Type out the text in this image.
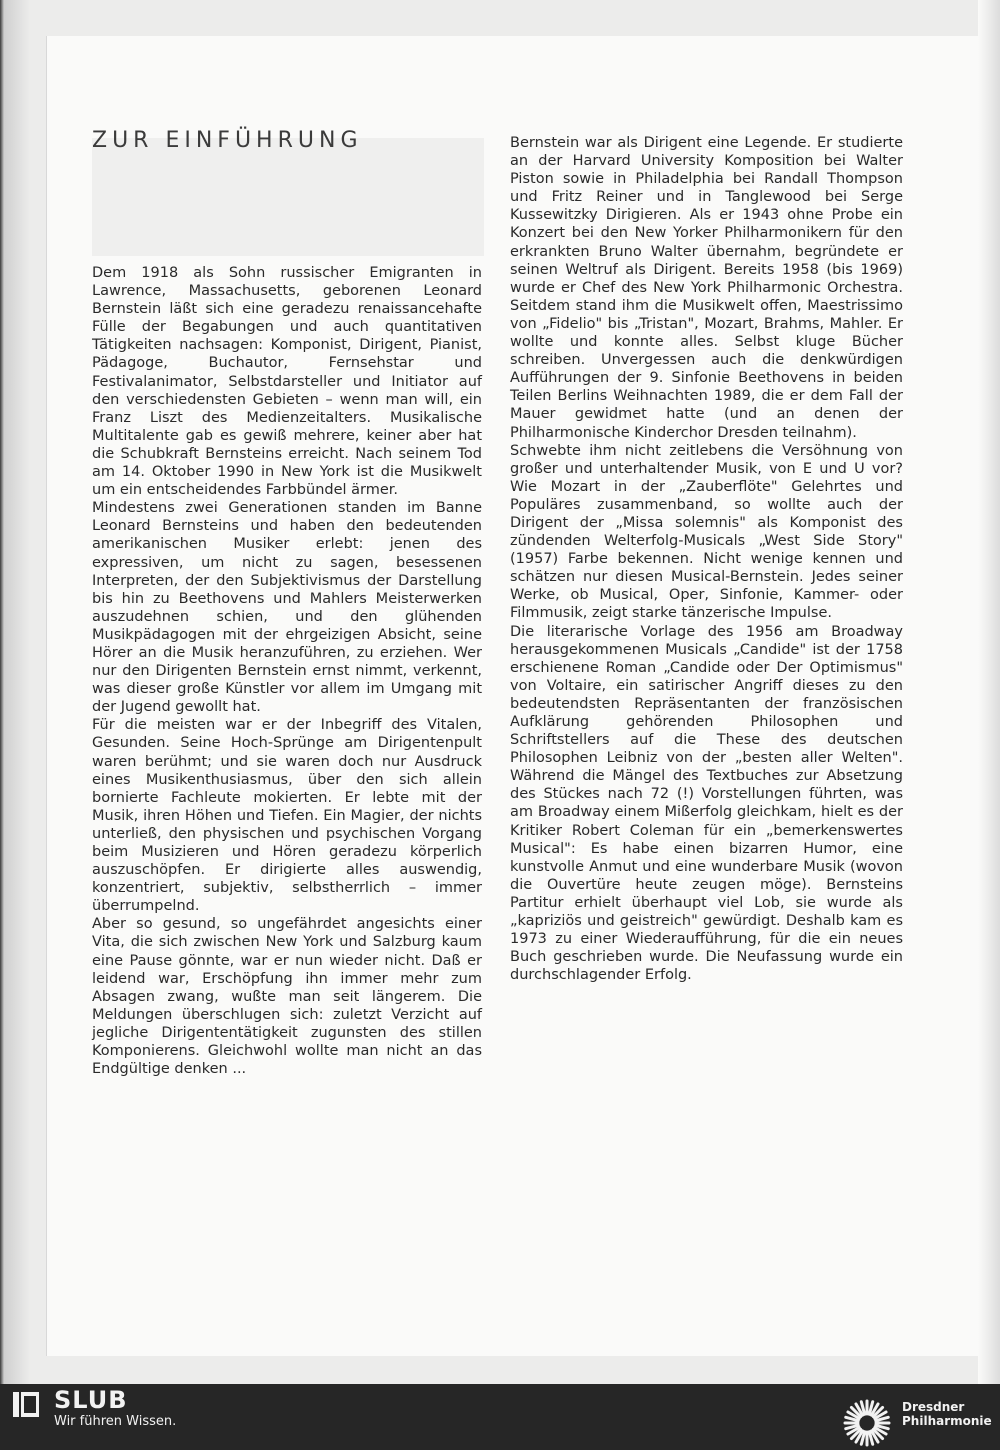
ZUR EINFÜHRUNG

Dem 1918 als Sohn russischer Emigranten in Lawrence, Massachusetts, geborenen Leonard Bernstein läßt sich eine geradezu renaissancehafte Fülle der Begabungen und auch quantitativen Tätigkeiten nachsagen: Komponist, Dirigent, Pianist, Pädagoge, Buchautor, Fernsehstar und Festivalanimator, Selbstdarsteller und Initiator auf den verschiedensten Gebieten – wenn man will, ein Franz Liszt des Medienzeitalters. Musikalische Multitalente gab es gewiß mehrere, keiner aber hat die Schubkraft Bernsteins erreicht. Nach seinem Tod am 14. Oktober 1990 in New York ist die Musikwelt um ein entscheidendes Farbbündel ärmer.

Mindestens zwei Generationen standen im Banne Leonard Bernsteins und haben den bedeutenden amerikanischen Musiker erlebt: jenen des expressiven, um nicht zu sagen, besessenen Interpreten, der den Subjektivismus der Darstellung bis hin zu Beethovens und Mahlers Meisterwerken auszudehnen schien, und den glühenden Musikpädagogen mit der ehrgeizigen Absicht, seine Hörer an die Musik heranzuführen, zu erziehen. Wer nur den Dirigenten Bernstein ernst nimmt, verkennt, was dieser große Künstler vor allem im Umgang mit der Jugend gewollt hat.

Für die meisten war er der Inbegriff des Vitalen, Gesunden. Seine Hoch-Sprünge am Dirigentenpult waren berühmt; und sie waren doch nur Ausdruck eines Musikenthusiasmus, über den sich allein bornierte Fachleute mokierten. Er lebte mit der Musik, ihren Höhen und Tiefen. Ein Magier, der nichts unterließ, den physischen und psychischen Vorgang beim Musizieren und Hören geradezu körperlich auszuschöpfen. Er dirigierte alles auswendig, konzentriert, subjektiv, selbstherrlich – immer überrumpelnd.

Aber so gesund, so ungefährdet angesichts einer Vita, die sich zwischen New York und Salzburg kaum eine Pause gönnte, war er nun wieder nicht. Daß er leidend war, Erschöpfung ihn immer mehr zum Absagen zwang, wußte man seit längerem. Die Meldungen überschlugen sich: zuletzt Verzicht auf jegliche Dirigententätigkeit zugunsten des stillen Komponierens. Gleichwohl wollte man nicht an das Endgültige denken ...

Bernstein war als Dirigent eine Legende. Er studierte an der Harvard University Komposition bei Walter Piston sowie in Philadelphia bei Randall Thompson und Fritz Reiner und in Tanglewood bei Serge Kussewitzky Dirigieren. Als er 1943 ohne Probe ein Konzert bei den New Yorker Philharmonikern für den erkrankten Bruno Walter übernahm, begründete er seinen Weltruf als Dirigent. Bereits 1958 (bis 1969) wurde er Chef des New York Philharmonic Orchestra. Seitdem stand ihm die Musikwelt offen, Maestrissimo von „Fidelio" bis „Tristan", Mozart, Brahms, Mahler. Er wollte und konnte alles. Selbst kluge Bücher schreiben. Unvergessen auch die denkwürdigen Aufführungen der 9. Sinfonie Beethovens in beiden Teilen Berlins Weihnachten 1989, die er dem Fall der Mauer gewidmet hatte (und an denen der Philharmonische Kinderchor Dresden teilnahm).

Schwebte ihm nicht zeitlebens die Versöhnung von großer und unterhaltender Musik, von E und U vor? Wie Mozart in der „Zauberflöte" Gelehrtes und Populäres zusammenband, so wollte auch der Dirigent der „Missa solemnis" als Komponist des zündenden Welterfolg-Musicals „West Side Story" (1957) Farbe bekennen. Nicht wenige kennen und schätzen nur diesen Musical-Bernstein. Jedes seiner Werke, ob Musical, Oper, Sinfonie, Kammer- oder Filmmusik, zeigt starke tänzerische Impulse.

Die literarische Vorlage des 1956 am Broadway herausgekommenen Musicals „Candide" ist der 1758 erschienene Roman „Candide oder Der Optimismus" von Voltaire, ein satirischer Angriff dieses zu den bedeutendsten Repräsentanten der französischen Aufklärung gehörenden Philosophen und Schriftstellers auf die These des deutschen Philosophen Leibniz von der „besten aller Welten". Während die Mängel des Textbuches zur Absetzung des Stückes nach 72 (!) Vorstellungen führten, was am Broadway einem Mißerfolg gleichkam, hielt es der Kritiker Robert Coleman für ein „bemerkenswertes Musical": Es habe einen bizarren Humor, eine kunstvolle Anmut und eine wunderbare Musik (wovon die Ouvertüre heute zeugen möge). Bernsteins Partitur erhielt überhaupt viel Lob, sie wurde als „kapriziös und geistreich" gewürdigt. Deshalb kam es 1973 zu einer Wiederaufführung, für die ein neues Buch geschrieben wurde. Die Neufassung wurde ein durchschlagender Erfolg.

SLUB
Wir führen Wissen.
Dresdner
Philharmonie
